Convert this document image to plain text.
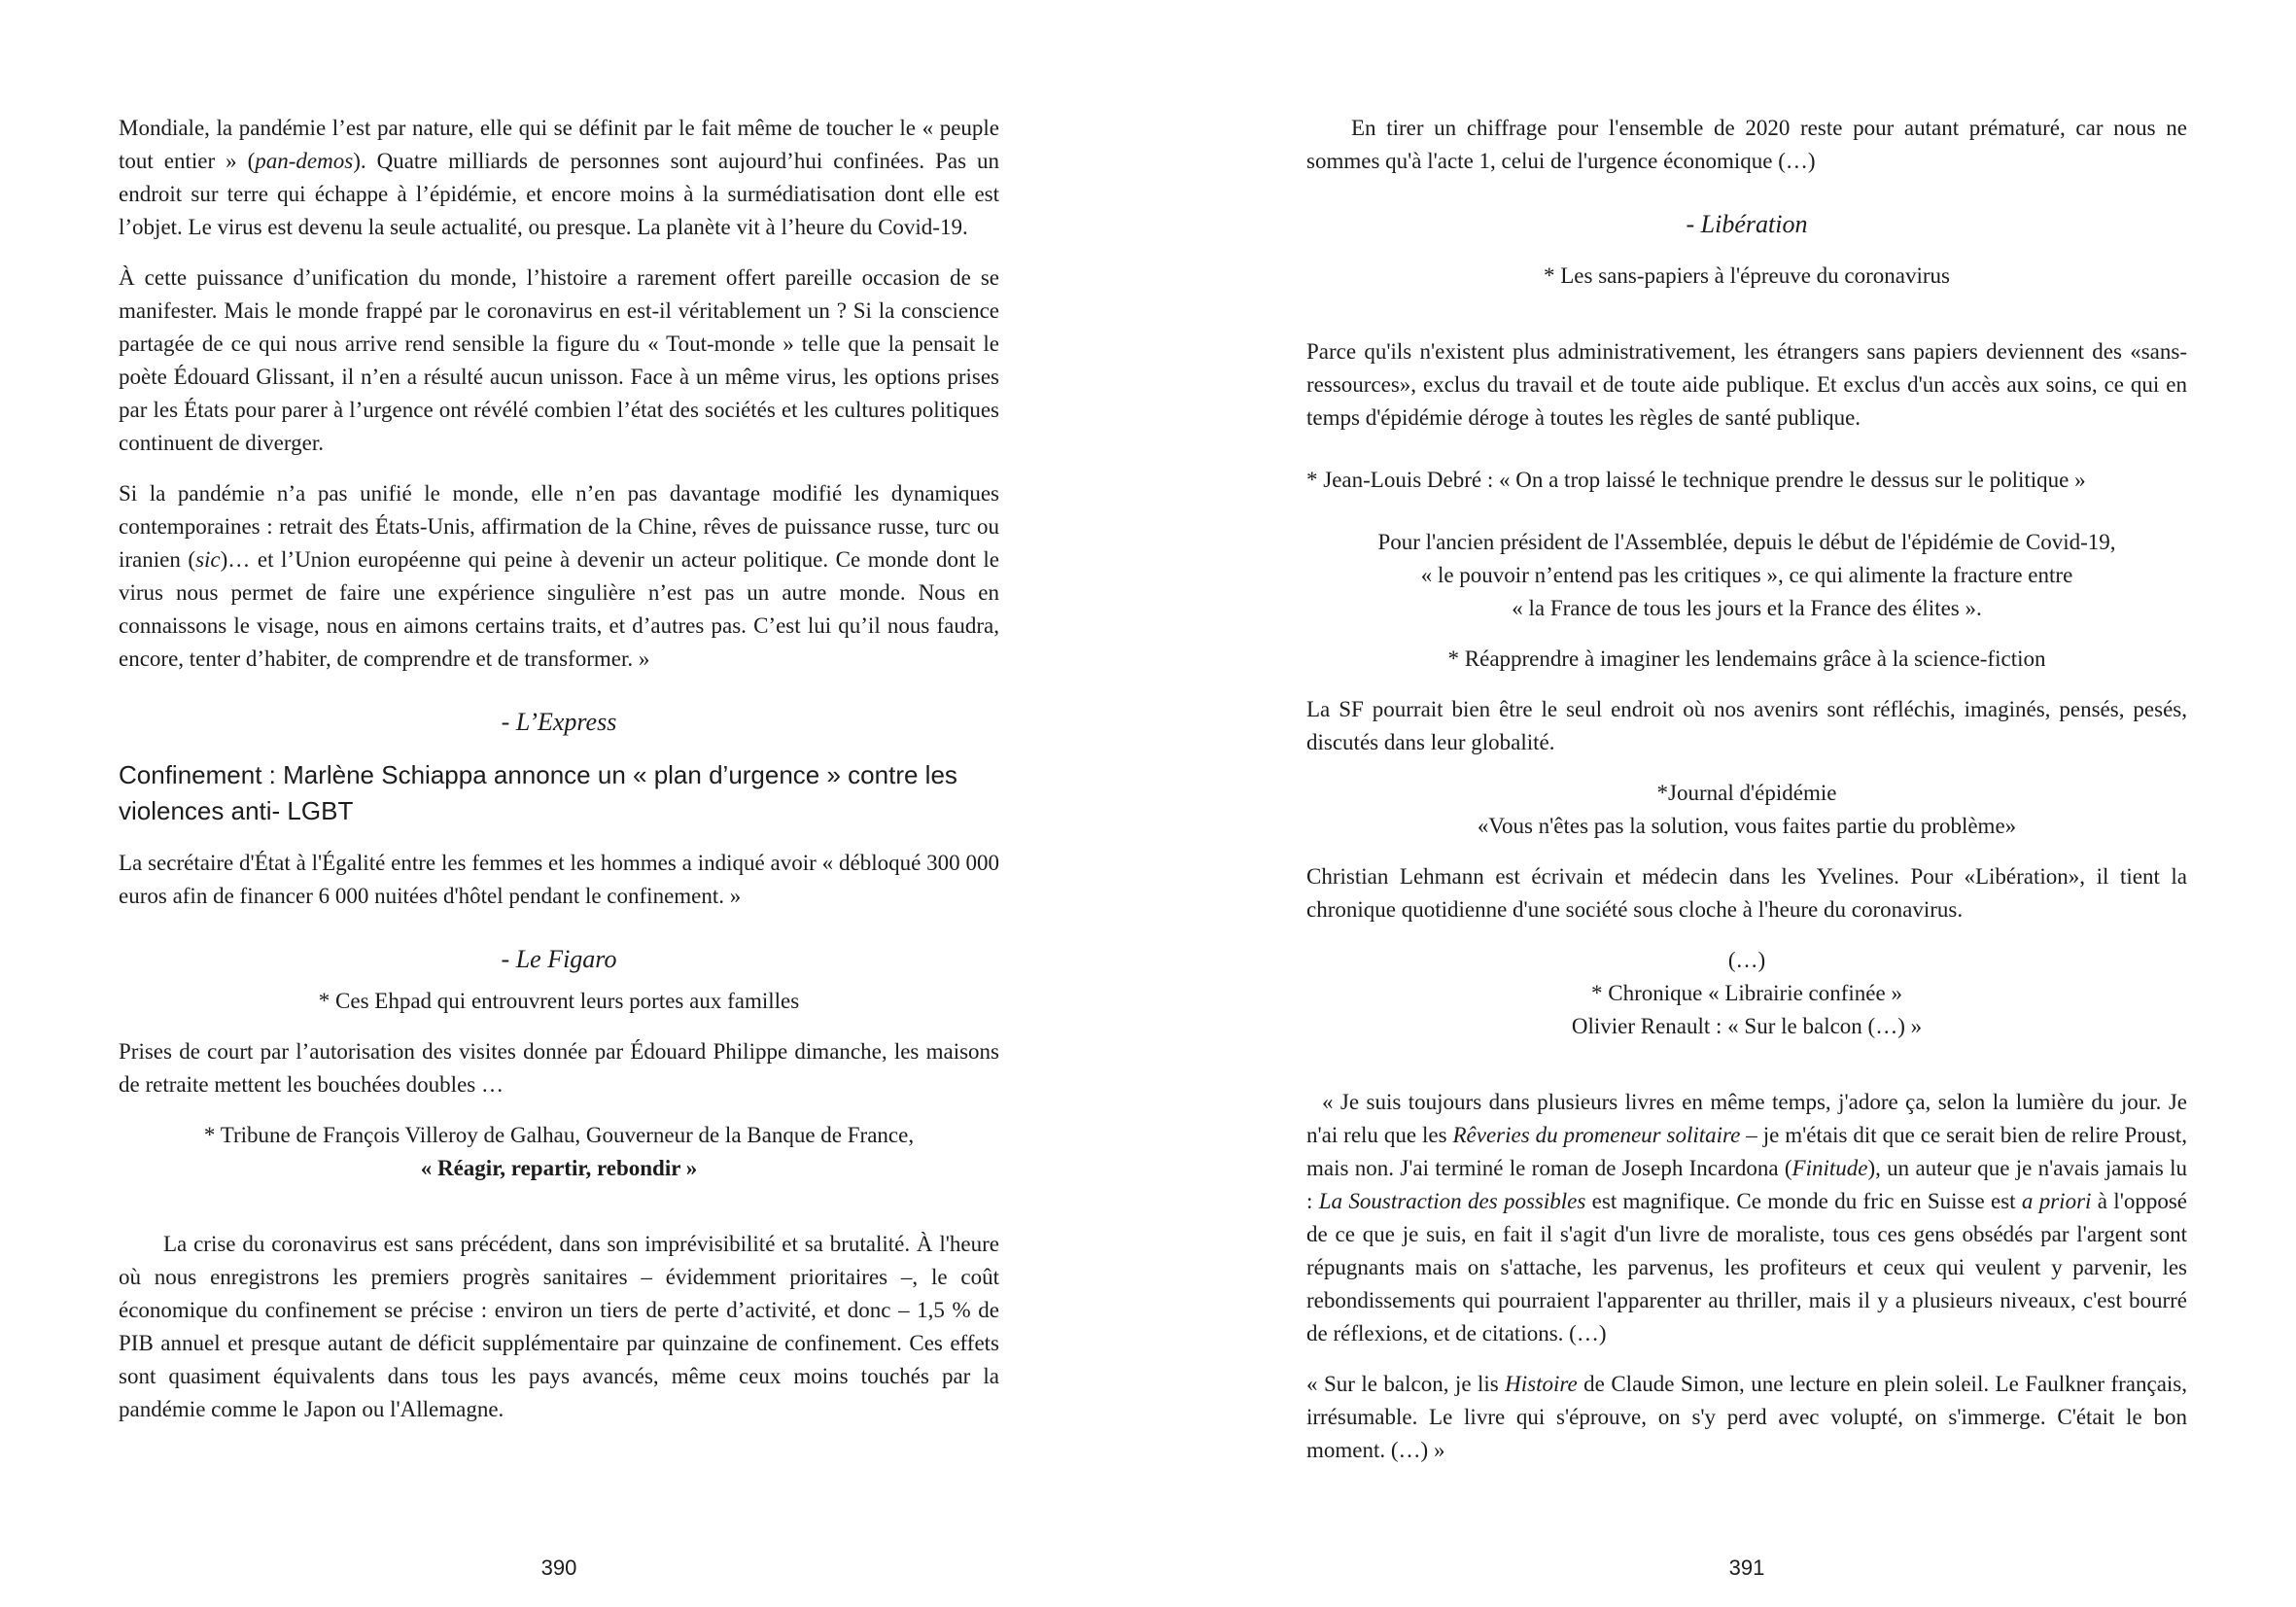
Mondiale, la pandémie l’est par nature, elle qui se définit par le fait même de toucher le « peuple tout entier » (pan-demos). Quatre milliards de personnes sont aujourd’hui confinées. Pas un endroit sur terre qui échappe à l’épidémie, et encore moins à la surmédiatisation dont elle est l’objet. Le virus est devenu la seule actualité, ou presque. La planète vit à l’heure du Covid-19.

À cette puissance d’unification du monde, l’histoire a rarement offert pareille occasion de se manifester. Mais le monde frappé par le coronavirus en est-il véritablement un ? Si la conscience partagée de ce qui nous arrive rend sensible la figure du « Tout-monde » telle que la pensait le poète Édouard Glissant, il n’en a résulté aucun unisson. Face à un même virus, les options prises par les États pour parer à l’urgence ont révélé combien l’état des sociétés et les cultures politiques continuent de diverger.

Si la pandémie n’a pas unifié le monde, elle n’en pas davantage modifié les dynamiques contemporaines : retrait des États-Unis, affirmation de la Chine, rêves de puissance russe, turc ou iranien (sic)… et l’Union européenne qui peine à devenir un acteur politique. Ce monde dont le virus nous permet de faire une expérience singulière n’est pas un autre monde. Nous en connaissons le visage, nous en aimons certains traits, et d’autres pas. C’est lui qu’il nous faudra, encore, tenter d’habiter, de comprendre et de transformer. »

- L’Express

Confinement : Marlène Schiappa annonce un « plan d’urgence » contre les violences anti- LGBT

La secrétaire d'État à l'Égalité entre les femmes et les hommes a indiqué avoir « débloqué 300 000 euros afin de financer 6 000 nuitées d'hôtel pendant le confinement. »

- Le Figaro

* Ces Ehpad qui entrouvrent leurs portes aux familles

Prises de court par l’autorisation des visites donnée par Édouard Philippe dimanche, les maisons de retraite mettent les bouchées doubles …

* Tribune de François Villeroy de Galhau, Gouverneur de la Banque de France,
« Réagir, repartir, rebondir »

La crise du coronavirus est sans précédent, dans son imprévisibilité et sa brutalité. À l'heure où nous enregistrons les premiers progrès sanitaires – évidemment prioritaires –, le coût économique du confinement se précise : environ un tiers de perte d’activité, et donc – 1,5 % de PIB annuel et presque autant de déficit supplémentaire par quinzaine de confinement. Ces effets sont quasiment équivalents dans tous les pays avancés, même ceux moins touchés par la pandémie comme le Japon ou l'Allemagne.

390

En tirer un chiffrage pour l'ensemble de 2020 reste pour autant prématuré, car nous ne sommes qu'à l'acte 1, celui de l'urgence économique (…)

- Libération

* Les sans-papiers à l'épreuve du coronavirus

Parce qu'ils n'existent plus administrativement, les étrangers sans papiers deviennent des «sans-ressources», exclus du travail et de toute aide publique. Et exclus d'un accès aux soins, ce qui en temps d'épidémie déroge à toutes les règles de santé publique.

* Jean-Louis Debré : « On a trop laissé le technique prendre le dessus sur le politique »

Pour l'ancien président de l'Assemblée, depuis le début de l'épidémie de Covid-19,
« le pouvoir n’entend pas les critiques », ce qui alimente la fracture entre
« la France de tous les jours et la France des élites ».

* Réapprendre à imaginer les lendemains grâce à la science-fiction

La SF pourrait bien être le seul endroit où nos avenirs sont réfléchis, imaginés, pensés, pesés, discutés dans leur globalité.

*Journal d'épidémie
«Vous n'êtes pas la solution, vous faites partie du problème»

Christian Lehmann est écrivain et médecin dans les Yvelines. Pour «Libération», il tient la chronique quotidienne d'une société sous cloche à l'heure du coronavirus.

(…)
* Chronique « Librairie confinée »
Olivier Renault : « Sur le balcon (…) »

« Je suis toujours dans plusieurs livres en même temps, j'adore ça, selon la lumière du jour. Je n'ai relu que les Rêveries du promeneur solitaire – je m'étais dit que ce serait bien de relire Proust, mais non. J'ai terminé le roman de Joseph Incardona (Finitude), un auteur que je n'avais jamais lu : La Soustraction des possibles est magnifique. Ce monde du fric en Suisse est a priori à l'opposé de ce que je suis, en fait il s'agit d'un livre de moraliste, tous ces gens obsédés par l'argent sont répugnants mais on s'attache, les parvenus, les profiteurs et ceux qui veulent y parvenir, les rebondissements qui pourraient l'apparenter au thriller, mais il y a plusieurs niveaux, c'est bourré de réflexions, et de citations. (…)

« Sur le balcon, je lis Histoire de Claude Simon, une lecture en plein soleil. Le Faulkner français, irrésumable. Le livre qui s'éprouve, on s'y perd avec volupté, on s'immerge. C'était le bon moment. (…) »

391
